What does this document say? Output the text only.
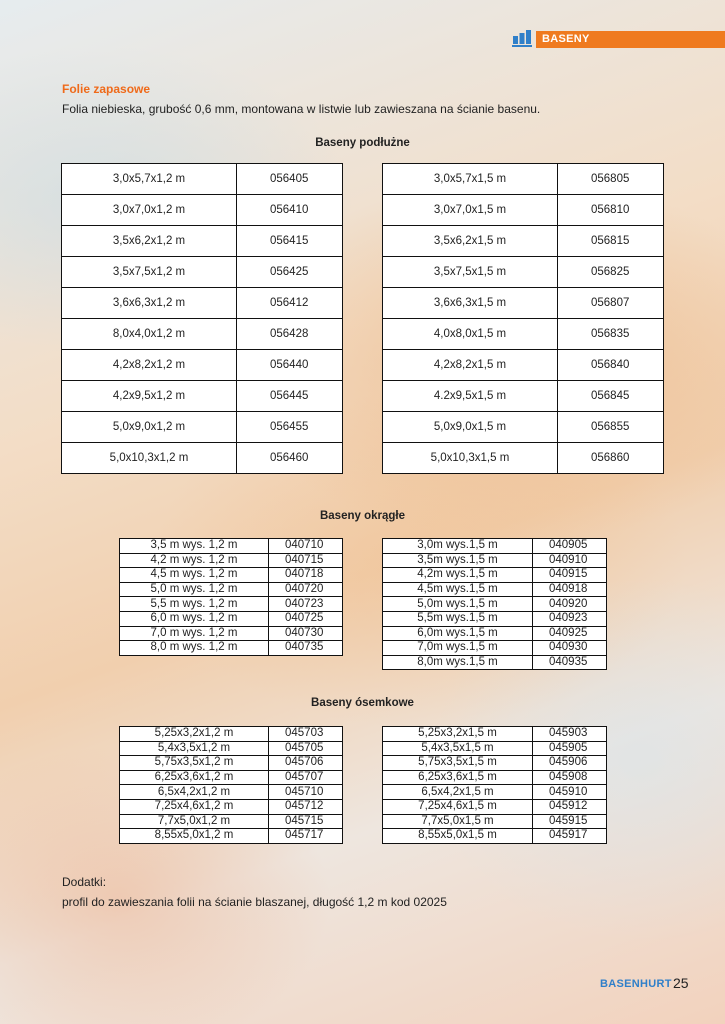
BASENY
Folie zapasowe
Folia niebieska, grubość 0,6 mm, montowana w listwie lub zawieszana na ścianie basenu.
Baseny podłużne
3,0x5,7x1,2 m	056405
3,0x7,0x1,2 m	056410
3,5x6,2x1,2 m	056415
3,5x7,5x1,2 m	056425
3,6x6,3x1,2 m	056412
8,0x4,0x1,2 m	056428
4,2x8,2x1,2 m	056440
4,2x9,5x1,2 m	056445
5,0x9,0x1,2 m	056455
5,0x10,3x1,2 m	056460
3,0x5,7x1,5 m	056805
3,0x7,0x1,5 m	056810
3,5x6,2x1,5 m	056815
3,5x7,5x1,5 m	056825
3,6x6,3x1,5 m	056807
4,0x8,0x1,5 m	056835
4,2x8,2x1,5 m	056840
4.2x9,5x1,5 m	056845
5,0x9,0x1,5 m	056855
5,0x10,3x1,5 m	056860
Baseny okrągłe
3,5 m wys. 1,2 m	040710
4,2 m wys. 1,2 m	040715
4,5 m wys. 1,2 m	040718
5,0 m wys. 1,2 m	040720
5,5 m wys. 1,2 m	040723
6,0 m wys. 1,2 m	040725
7,0 m wys. 1,2 m	040730
8,0 m wys. 1,2 m	040735
3,0m wys.1,5 m	040905
3,5m wys.1,5 m	040910
4,2m wys.1,5 m	040915
4,5m wys.1,5 m	040918
5,0m wys.1,5 m	040920
5,5m wys.1,5 m	040923
6,0m wys.1,5 m	040925
7,0m wys.1,5 m	040930
8,0m wys.1,5 m	040935
Baseny ósemkowe
5,25x3,2x1,2 m	045703
5,4x3,5x1,2 m	045705
5,75x3,5x1,2 m	045706
6,25x3,6x1,2 m	045707
6,5x4,2x1,2 m	045710
7,25x4,6x1,2 m	045712
7,7x5,0x1,2 m	045715
8,55x5,0x1,2 m	045717
5,25x3,2x1,5 m	045903
5,4x3,5x1,5 m	045905
5,75x3,5x1,5 m	045906
6,25x3,6x1,5 m	045908
6,5x4,2x1,5 m	045910
7,25x4,6x1,5 m	045912
7,7x5,0x1,5 m	045915
8,55x5,0x1,5 m	045917
Dodatki:
profil do zawieszania folii na ścianie blaszanej, długość 1,2 m kod 02025
BASENHURT 25
